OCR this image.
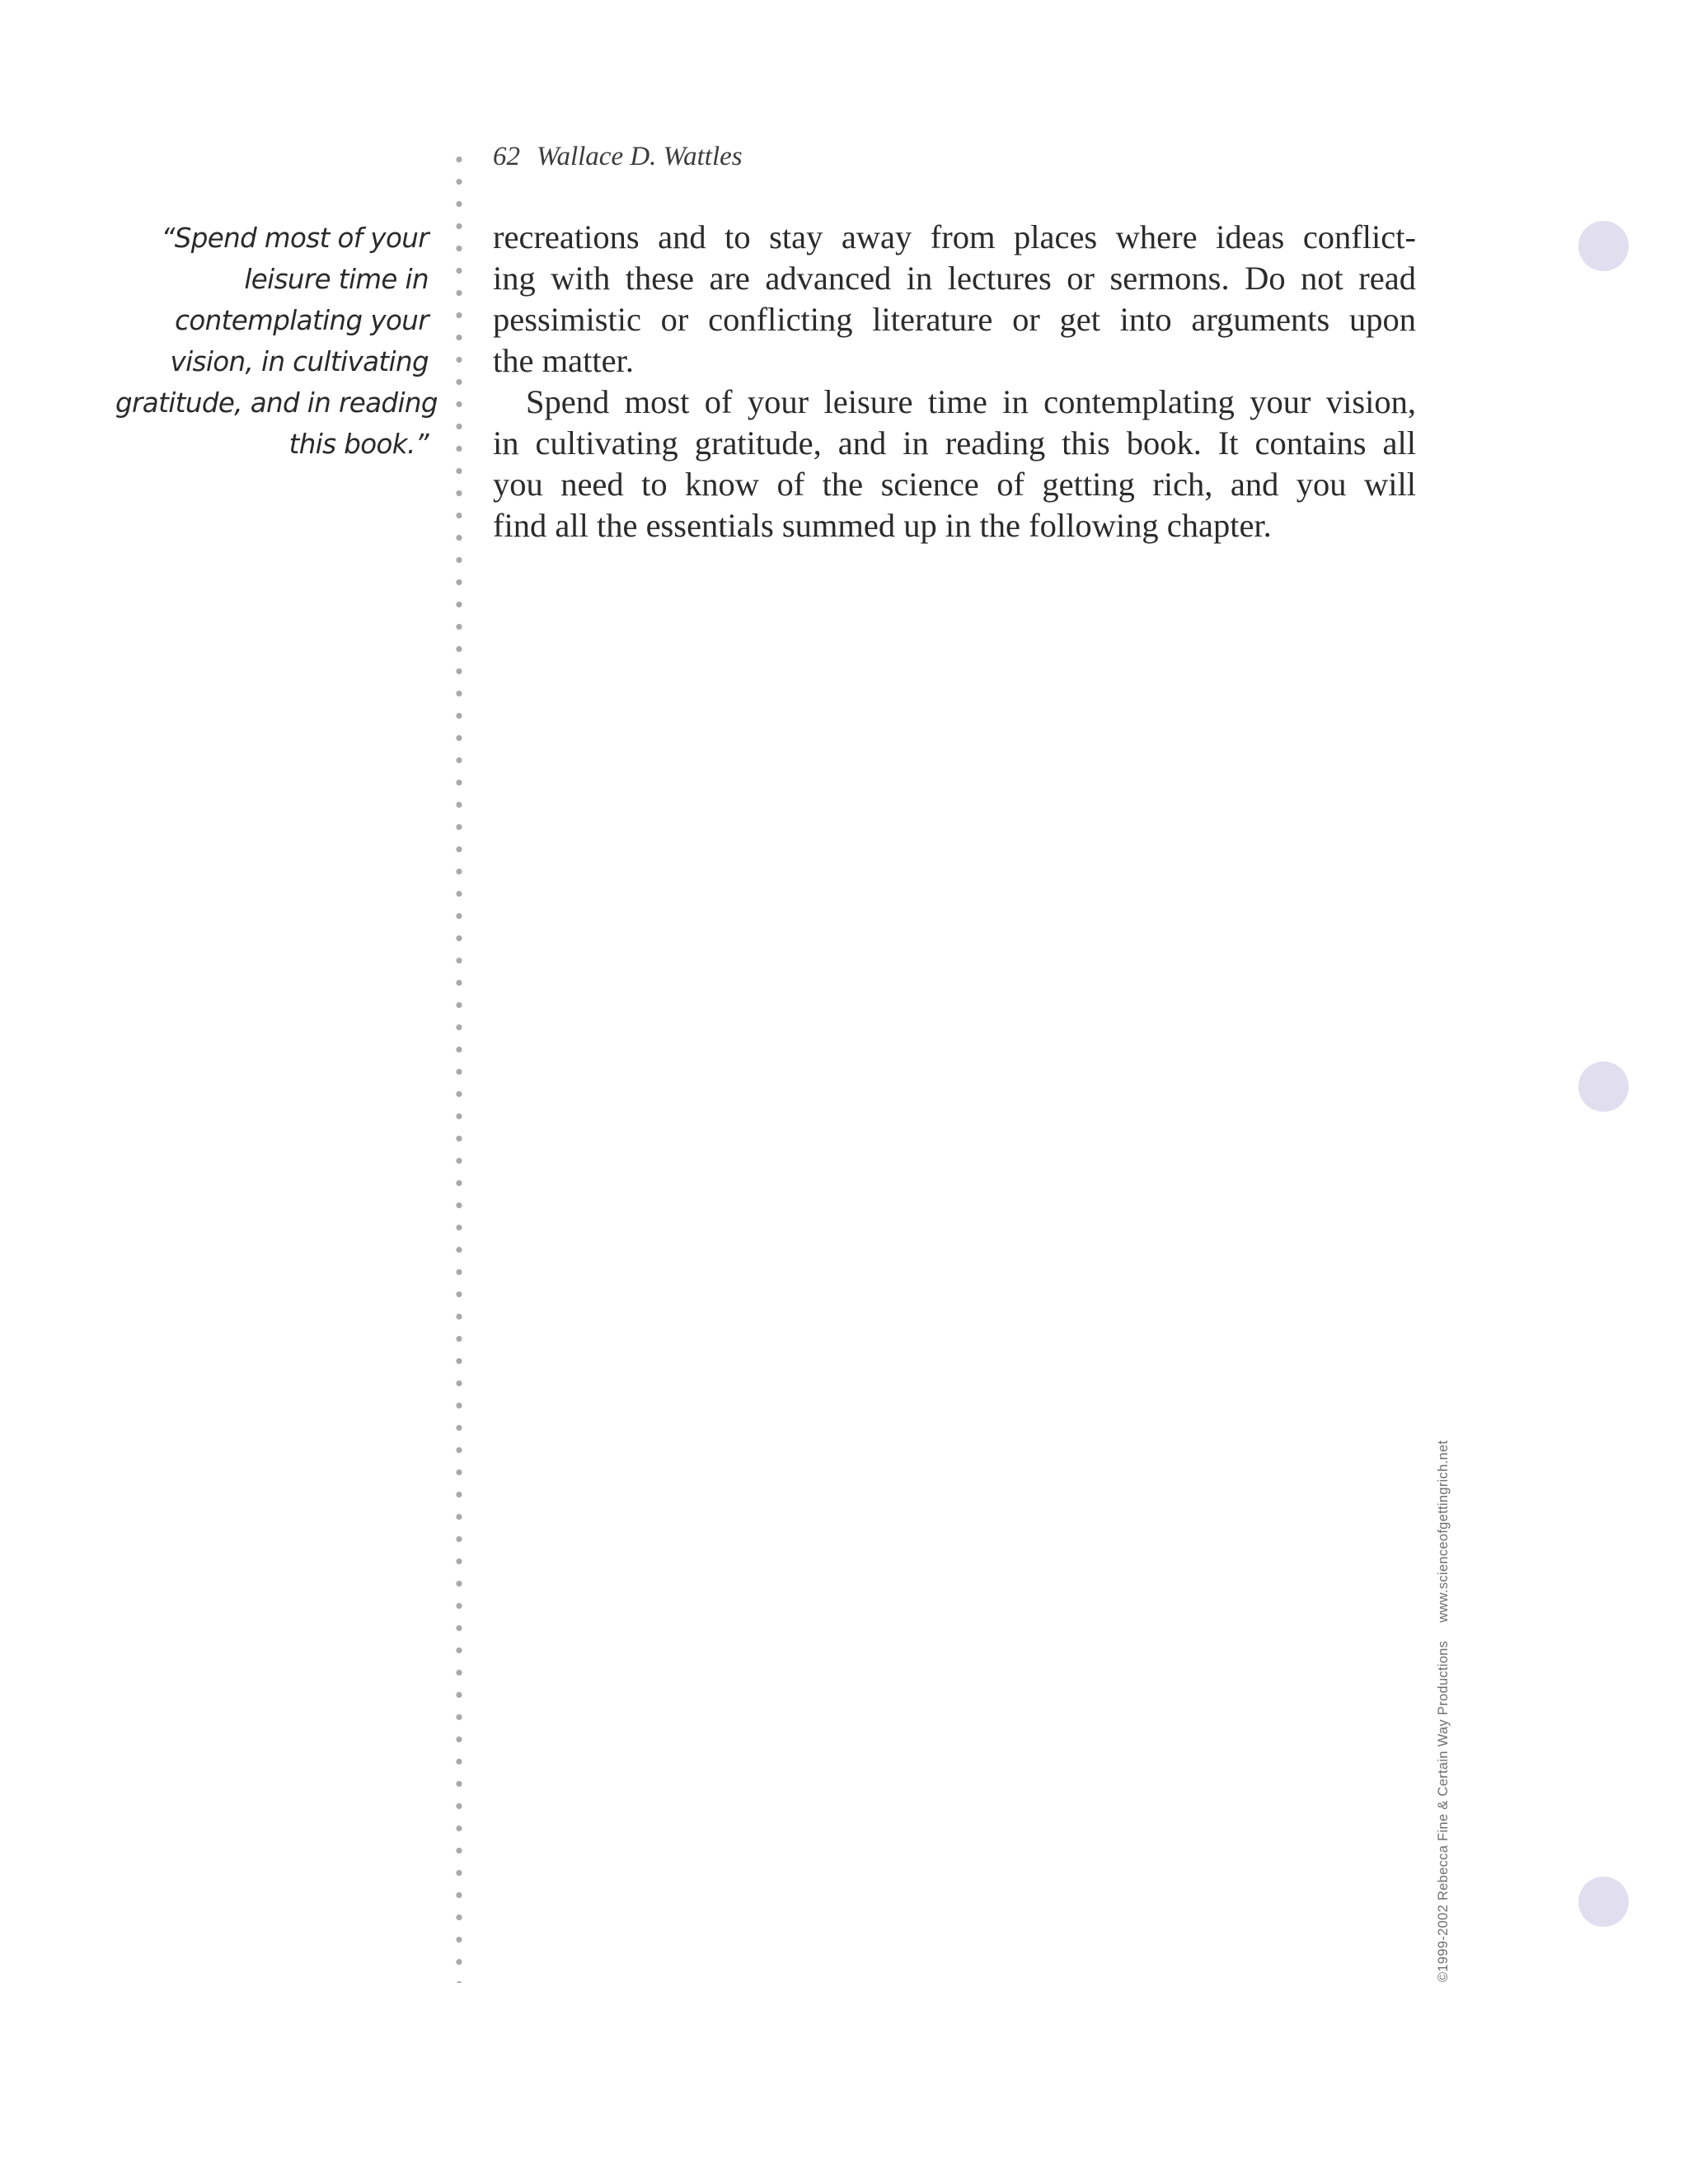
62 Wallace D. Wattles
“Spend most of your
leisure time in
contemplating your
vision, in cultivating
gratitude, and in reading
this book.”
recreations and to stay away from places where ideas conflict-
ing with these are advanced in lectures or sermons. Do not read
pessimistic or conflicting literature or get into arguments upon
the matter.
Spend most of your leisure time in contemplating your vision,
in cultivating gratitude, and in reading this book. It contains all
you need to know of the science of getting rich, and you will
find all the essentials summed up in the following chapter.
©1999-2002 Rebecca Fine & Certain Way Productionswww.scienceofgettingrich.net
